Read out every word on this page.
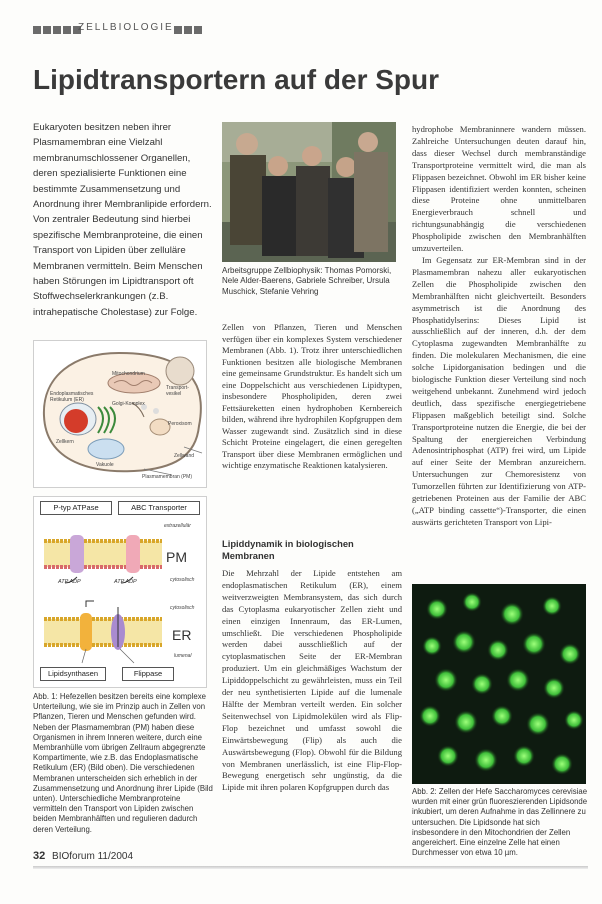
ZELLBIOLOGIE
Lipidtransportern auf der Spur
Eukaryoten besitzen neben ihrer Plasmamembran eine Vielzahl membranumschlossener Organellen, deren spezialisierte Funktionen eine bestimmte Zusammensetzung und Anordnung ihrer Membranlipide erfordern. Von zentraler Bedeutung sind hierbei spezifische Membranproteine, die einen Transport von Lipiden über zelluläre Membranen vermitteln. Beim Menschen haben Störungen im Lipidtransport oft Stoffwechselerkrankungen (z.B. intrahepatische Cholestase) zur Folge.
Arbeitsgruppe Zellbiophysik: Thomas Pomorski, Nele Alder-Baerens, Gabriele Schreiber, Ursula Muschick, Stefanie Vehring

Zellen von Pflanzen, Tieren und Menschen verfügen über ein komplexes System verschiedener Membranen (Abb. 1). Trotz ihrer unterschiedlichen Funktionen besitzen alle biologische Membranen eine gemeinsame Grundstruktur. Es handelt sich um eine Doppelschicht aus verschiedenen Lipidtypen, insbesondere Phospholipiden, deren zwei Fettsäureketten einen hydrophoben Kernbereich bilden, während ihre hydrophilen Kopfgruppen dem Wasser zugewandt sind. Zusätzlich sind in diese Schicht Proteine eingelagert, die einen geregelten Transport über diese Membranen ermöglichen und wichtige enzymatische Reaktionen katalysieren.

Lipiddynamik in biologischen Membranen
Die Mehrzahl der Lipide entstehen am endoplasmatischen Retikulum (ER), einem weitverzweigten Membransystem, das sich durch das Cytoplasma eukaryotischer Zellen zieht und einen einzigen Innenraum, das ER-Lumen, umschließt. Die verschiedenen Phospholipide werden dabei ausschließlich auf der cytoplasmatischen Seite der ER-Membran produziert. Um ein gleichmäßiges Wachstum der Lipiddoppelschicht zu gewährleisten, muss ein Teil der neu synthetisierten Lipide auf die lumenale Hälfte der Membran verteilt werden. Ein solcher Seitenwechsel von Lipidmolekülen wird als Flip-Flop bezeichnet und umfasst sowohl die Einwärtsbewegung (Flip) als auch die Auswärtsbewegung (Flop). Obwohl für die Bildung von Membranen unerlässlich, ist eine Flip-Flop-Bewegung energetisch sehr ungünstig, da die Lipide mit ihren polaren Kopfgruppen durch das
hydrophobe Membraninnere wandern müssen. Zahlreiche Untersuchungen deuten darauf hin, dass dieser Wechsel durch membranständige Transportproteine vermittelt wird, die man als Flippasen bezeichnet. Obwohl im ER bisher keine Flippasen identifiziert werden konnten, scheinen diese Proteine ohne unmittelbaren Energieverbrauch schnell und richtungsunabhängig die verschiedenen Phospholipide zwischen den Membranhälften umzuverteilen.
Im Gegensatz zur ER-Membran sind in der Plasmamembran nahezu aller eukaryotischen Zellen die Phospholipide zwischen den Membranhälften nicht gleichverteilt. Besonders asymmetrisch ist die Anordnung des Phosphatidylserins: Dieses Lipid ist ausschließlich auf der inneren, d.h. der dem Cytoplasma zugewandten Membranhälfte zu finden. Die molekularen Mechanismen, die eine solche Lipidorganisation bedingen und die biologische Funktion dieser Verteilung sind noch weitgehend unbekannt. Zunehmend wird jedoch deutlich, dass spezifische energiegetriebene Flippasen maßgeblich beteiligt sind. Solche Transportproteine nutzen die Energie, die bei der Spaltung der energiereichen Verbindung Adenosintriphosphat (ATP) frei wird, um Lipide auf einer Seite der Membran anzureichern. Untersuchungen zur Chemoresistenz von Tumorzellen führten zur Identifizierung von ATP-getriebenen Proteinen aus der Familie der ABC („ATP binding cassette“)-Transporter, die einen auswärts gerichteten Transport von Lipi-
Mitochondrium
Endoplasmatisches Retikulum (ER)
Golgi-Komplex
Transport-vesikel
Peroxisom
Zellkern
Zellwand
Vakuole
Plasmamembran (PM)
P-typ ATPase	ABC Transporter
extrazellulär
PM
cytosolisch
ATP ADP	ATP ADP
cytosolisch
ER
lumenal
Lipidsynthasen	Flippase
Abb. 1: Hefezellen besitzen bereits eine komplexe Unterteilung, wie sie im Prinzip auch in Zellen von Pflanzen, Tieren und Menschen gefunden wird. Neben der Plasmamembran (PM) haben diese Organismen in ihrem Inneren weitere, durch eine Membranhülle vom übrigen Zellraum abgegrenzte Kompartimente, wie z.B. das Endoplasmatische Retikulum (ER) (Bild oben). Die verschiedenen Membranen unterscheiden sich erheblich in der Zusammensetzung und Anordnung ihrer Lipide (Bild unten). Unterschiedliche Membranproteine vermitteln den Transport von Lipiden zwischen beiden Membranhälften und regulieren dadurch deren Verteilung.
Abb. 2: Zellen der Hefe Saccharomyces cerevisiae wurden mit einer grün fluoreszierenden Lipidsonde inkubiert, um deren Aufnahme in das Zellinnere zu untersuchen. Die Lipidsonde hat sich insbesondere in den Mitochondrien der Zellen angereichert. Eine einzelne Zelle hat einen Durchmesser von etwa 10 µm.
32 BIOforum 11/2004
